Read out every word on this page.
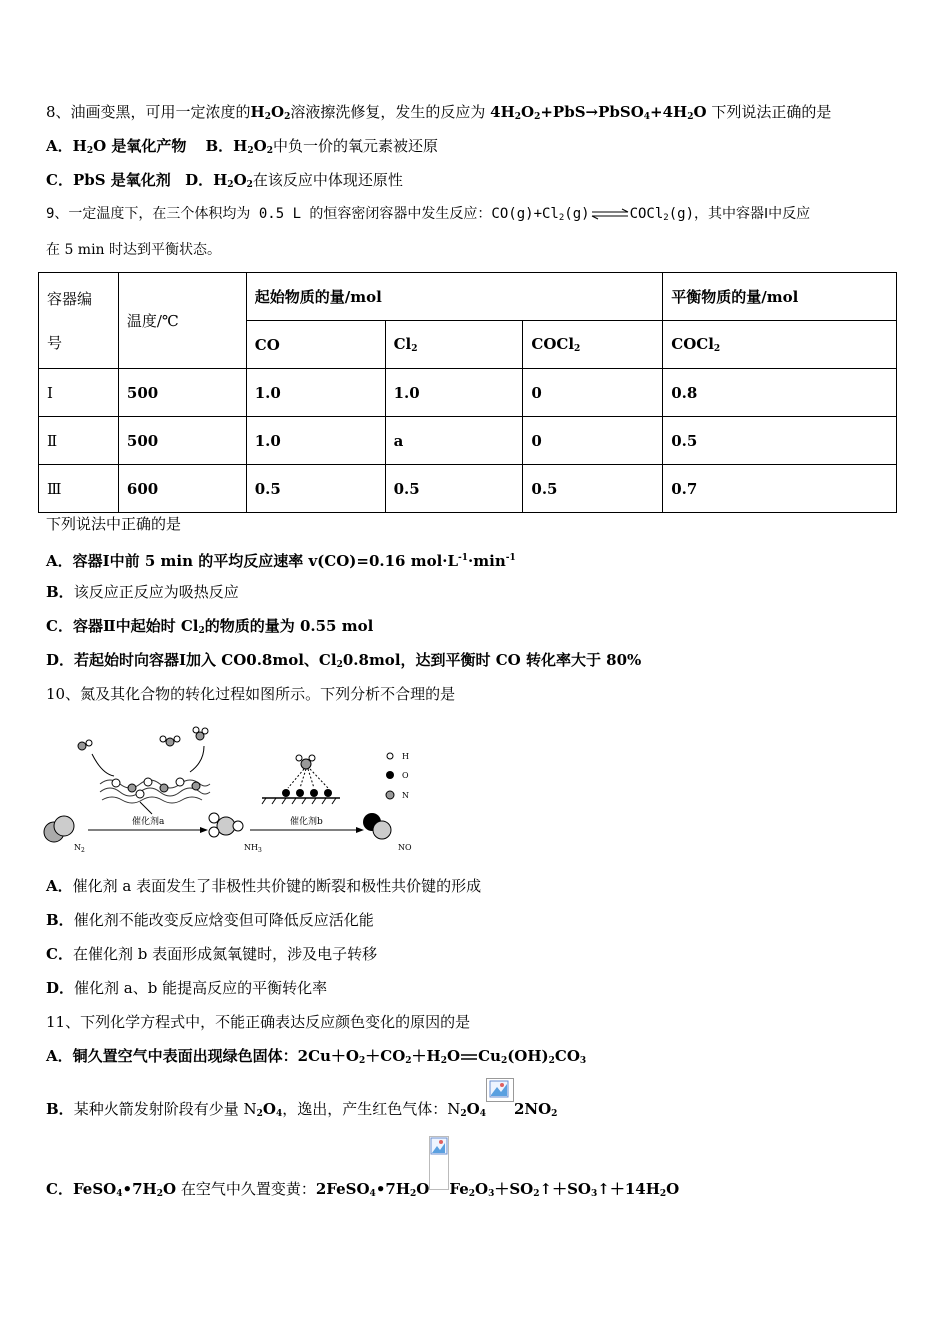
8、油画变黑，可用一定浓度的$H_2O_2$溶液擦洗修复，发生的反应为 $4H_2O_2+PbS\to PbSO_4+4H_2O$ 下列说法正确的是
A．$H_2O$ 是氧化产物 B．$H_2O_2$中负一价的氧元素被还原
C．PbS 是氧化剂 D．$H_2O_2$在该反应中体现还原性
9、一定温度下，在三个体积均为 0.5 L 的恒容密闭容器中发生反应：$CO(g)+Cl_2(g)\rightleftharpoons COCl_2(g)$，其中容器Ⅰ中反应
在 5 min 时达到平衡状态。
容器编
号	温度/℃	起始物质的量/mol			平衡物质的量/mol
		CO	$Cl_2$	COCl$_2$	COCl$_2$
Ⅰ	500	1.0	1.0	0	0.8
Ⅱ	500	1.0	a	0	0.5
Ⅲ	600	0.5	0.5	0.5	0.7
下列说法中正确的是
A．容器Ⅰ中前 5 min 的平均反应速率 v(CO)=0.16 $mol\cdot L^{-1}\cdot\min^{-1}$
B．该反应正反应为吸热反应
C．容器Ⅱ中起始时 $Cl_2$的物质的量为 0.55 mol
D．若起始时向容器Ⅰ加入 CO0.8mol、$Cl_20.8mol$，达到平衡时 CO 转化率大于 80%
10、氮及其化合物的转化过程如图所示。下列分析不合理的是
$N_2$
催化剂a
$NH_3$
催化剂b
NO
H
O
N
A．催化剂 a 表面发生了非极性共价键的断裂和极性共价键的形成
B．催化剂不能改变反应焓变但可降低反应活化能
C．在催化剂 b 表面形成氮氧键时，涉及电子转移
D．催化剂 a、b 能提高反应的平衡转化率
11、下列化学方程式中，不能正确表达反应颜色变化的原因的是
A．铜久置空气中表面出现绿色固体：$2Cu+O_2+CO_2+H_2O$ $Cu_2(OH)_2CO_3$
B．某种火箭发射阶段有少量 $N_2O_4$，逸出，产生红色气体：$N_2O_4$ $2NO_2$
C．$FeSO_4•7H_2O$ 在空气中久置变黄：$2FeSO_4•7H_2O$ $Fe_2O_3+SO_2↑+SO_3↑+14H_2O$
